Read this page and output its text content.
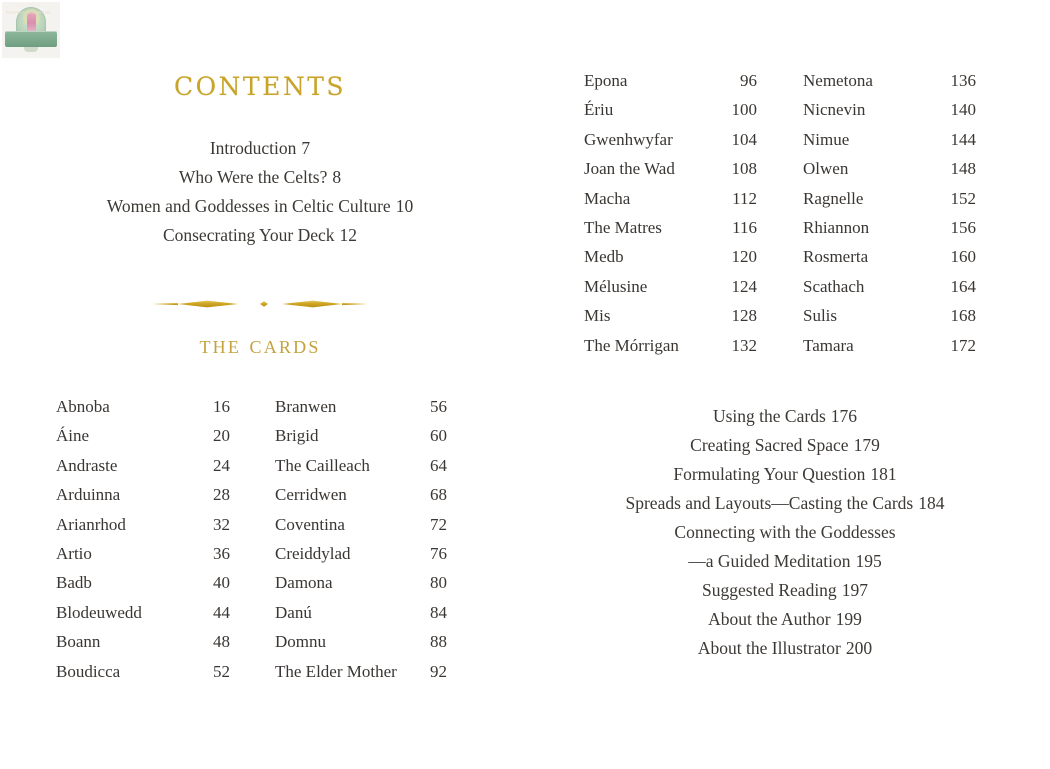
THE PINK
FEATHER EMPORIUM
contents
Introduction 7
Who Were the Celts? 8
Women and Goddesses in Celtic Culture 10
Consecrating Your Deck 12
the cards
Abnoba	16
Áine	20
Andraste	24
Arduinna	28
Arianrhod	32
Artio	36
Badb	40
Blodeuwedd	44
Boann	48
Boudicca	52
Branwen	56
Brigid	60
The Cailleach	64
Cerridwen	68
Coventina	72
Creiddylad	76
Damona	80
Danú	84
Domnu	88
The Elder Mother 92
Epona	96
Ériu	100
Gwenhwyfar	104
Joan the Wad	108
Macha	112
The Matres	116
Medb	120
Mélusine	124
Mis	128
The Mórrigan	132
Nemetona	136
Nicnevin	140
Nimue	144
Olwen	148
Ragnelle	152
Rhiannon	156
Rosmerta	160
Scathach	164
Sulis	168
Tamara	172
Using the Cards 176
Creating Sacred Space 179
Formulating Your Question 181
Spreads and Layouts—Casting the Cards 184
Connecting with the Goddesses
—a Guided Meditation 195
Suggested Reading 197
About the Author 199
About the Illustrator 200
